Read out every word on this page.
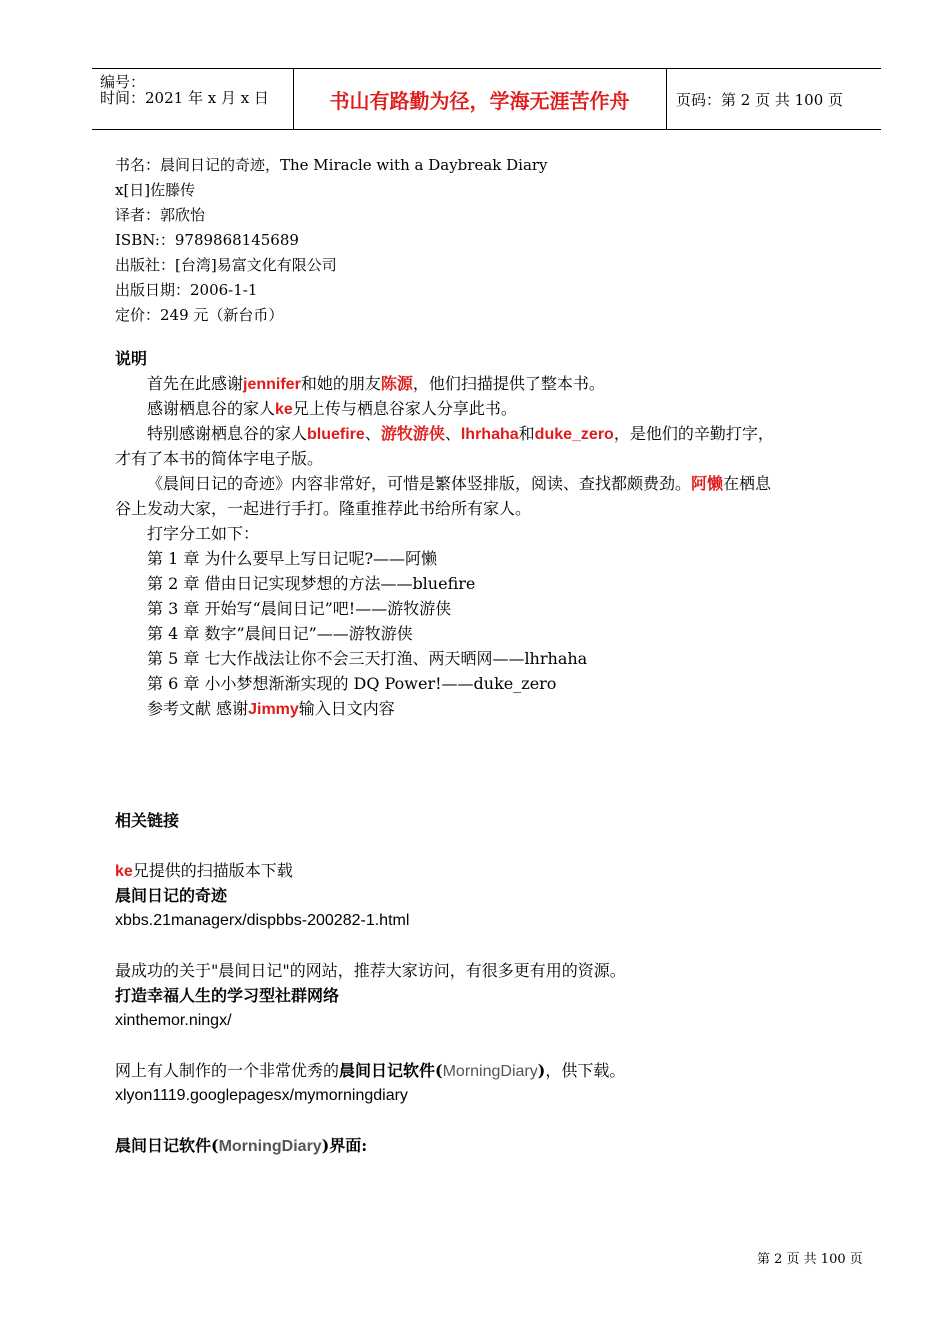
编号：
时间：2021 年 x 月 x 日	书山有路勤为径，学海无涯苦作舟	页码：第 2 页 共 100 页
书名：晨间日记的奇迹，The Miracle with a Daybreak Diary
x[日]佐滕传
译者：郭欣怡
ISBN:：9789868145689
出版社：[台湾]易富文化有限公司
出版日期：2006-1-1
定价：249 元（新台币）
说明
首先在此感谢jennifer和她的朋友陈源，他们扫描提供了整本书。
感谢栖息谷的家人ke兄上传与栖息谷家人分享此书。
特别感谢栖息谷的家人bluefire、游牧游侠、lhrhaha和duke_zero，是他们的辛勤打字，
才有了本书的简体字电子版。
《晨间日记的奇迹》内容非常好，可惜是繁体竖排版，阅读、查找都颇费劲。阿懒在栖息
谷上发动大家，一起进行手打。隆重推荐此书给所有家人。
打字分工如下：
第 1 章 为什么要早上写日记呢?——阿懒
第 2 章 借由日记实现梦想的方法——bluefire
第 3 章 开始写“晨间日记”吧!——游牧游侠
第 4 章 数字”晨间日记”——游牧游侠
第 5 章 七大作战法让你不会三天打渔、两天晒网——lhrhaha
第 6 章 小小梦想渐渐实现的 DQ Power!——duke_zero
参考文献 感谢Jimmy输入日文内容
相关链接
ke兄提供的扫描版本下载
晨间日记的奇迹
xbbs.21managerx/dispbbs-200282-1.html
最成功的关于"晨间日记"的网站，推荐大家访问，有很多更有用的资源。
打造幸福人生的学习型社群网络
xinthemor.ningx/
网上有人制作的一个非常优秀的晨间日记软件(MorningDiary)，供下载。
xlyon1119.googlepagesx/mymorningdiary
晨间日记软件(MorningDiary)界面:
第 2 页 共 100 页
